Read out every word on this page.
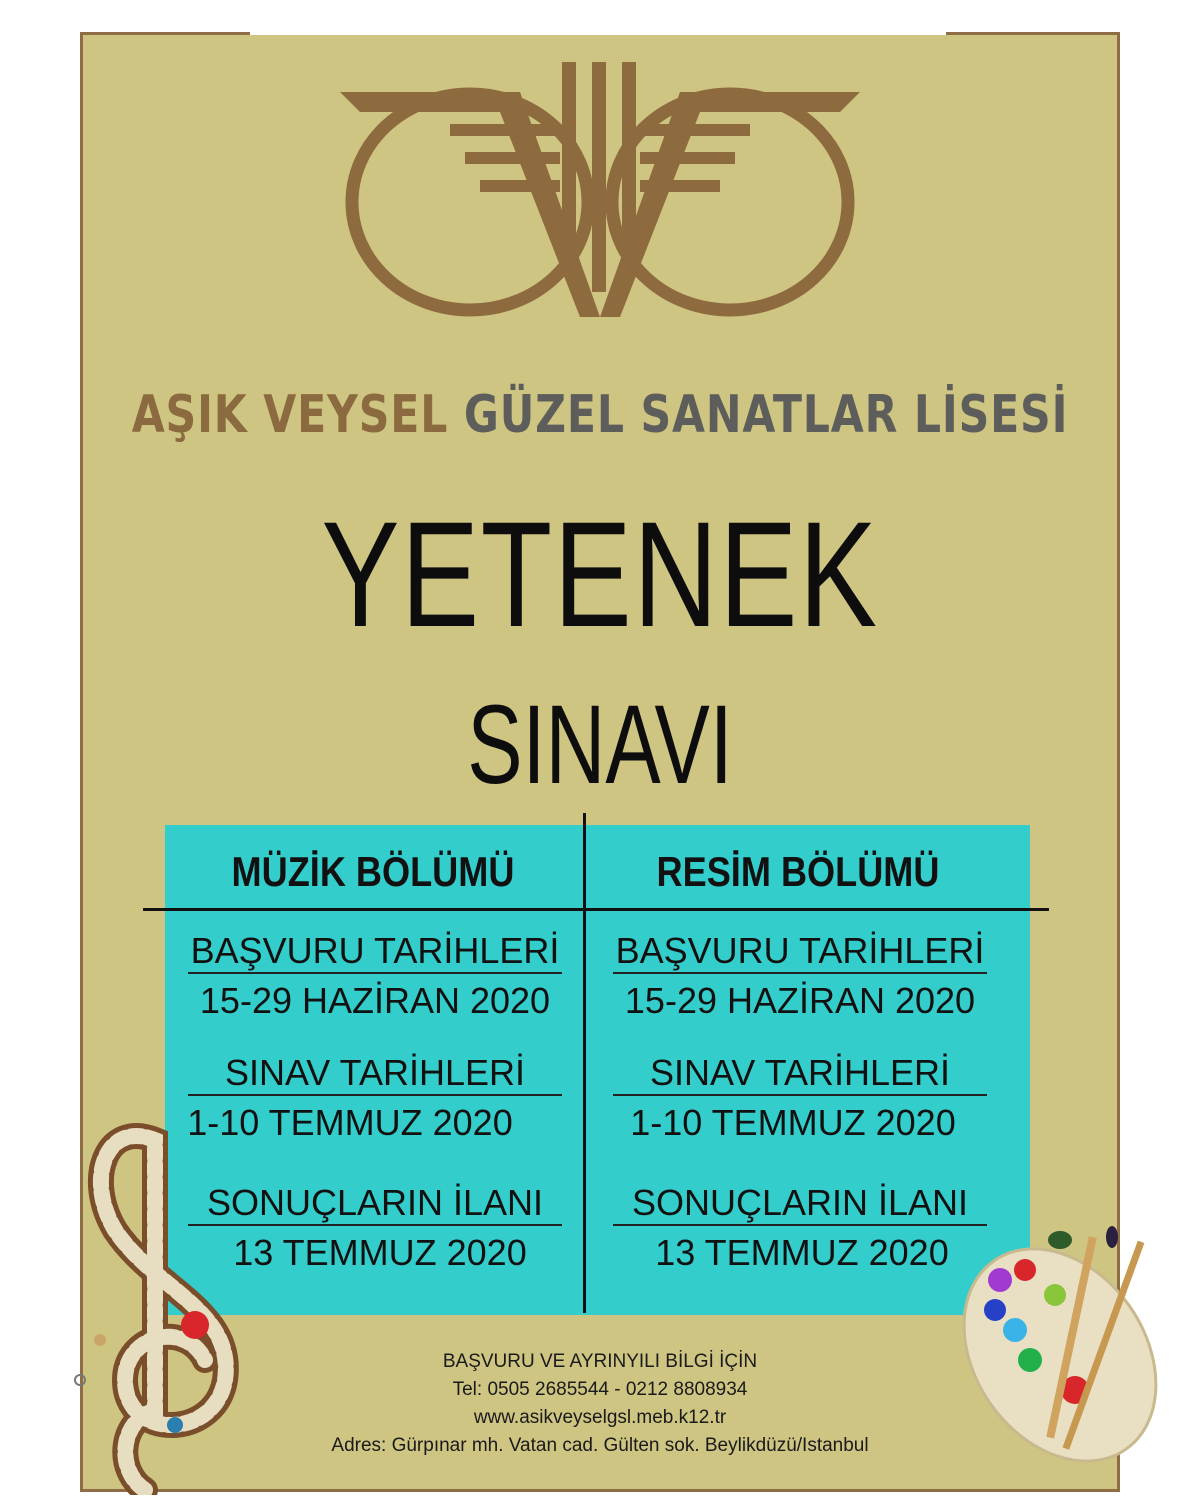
AŞIK VEYSEL GÜZEL SANATLAR LİSESİ
YETENEK
SINAVI
MÜZİK BÖLÜMÜ	RESİM BÖLÜMÜ
BAŞVURU TARİHLERİ
15-29 HAZİRAN 2020
SINAV TARİHLERİ
1-10 TEMMUZ 2020
SONUÇLARIN İLANI
13 TEMMUZ 2020
BAŞVURU TARİHLERİ
15-29 HAZİRAN 2020
SINAV TARİHLERİ
1-10 TEMMUZ 2020
SONUÇLARIN İLANI
13 TEMMUZ 2020
BAŞVURU VE AYRINYILI BİLGİ İÇİN
Tel: 0505 2685544 - 0212 8808934
www.asikveyselgsl.meb.k12.tr
Adres: Gürpınar mh. Vatan cad. Gülten sok. Beylikdüzü/Istanbul
